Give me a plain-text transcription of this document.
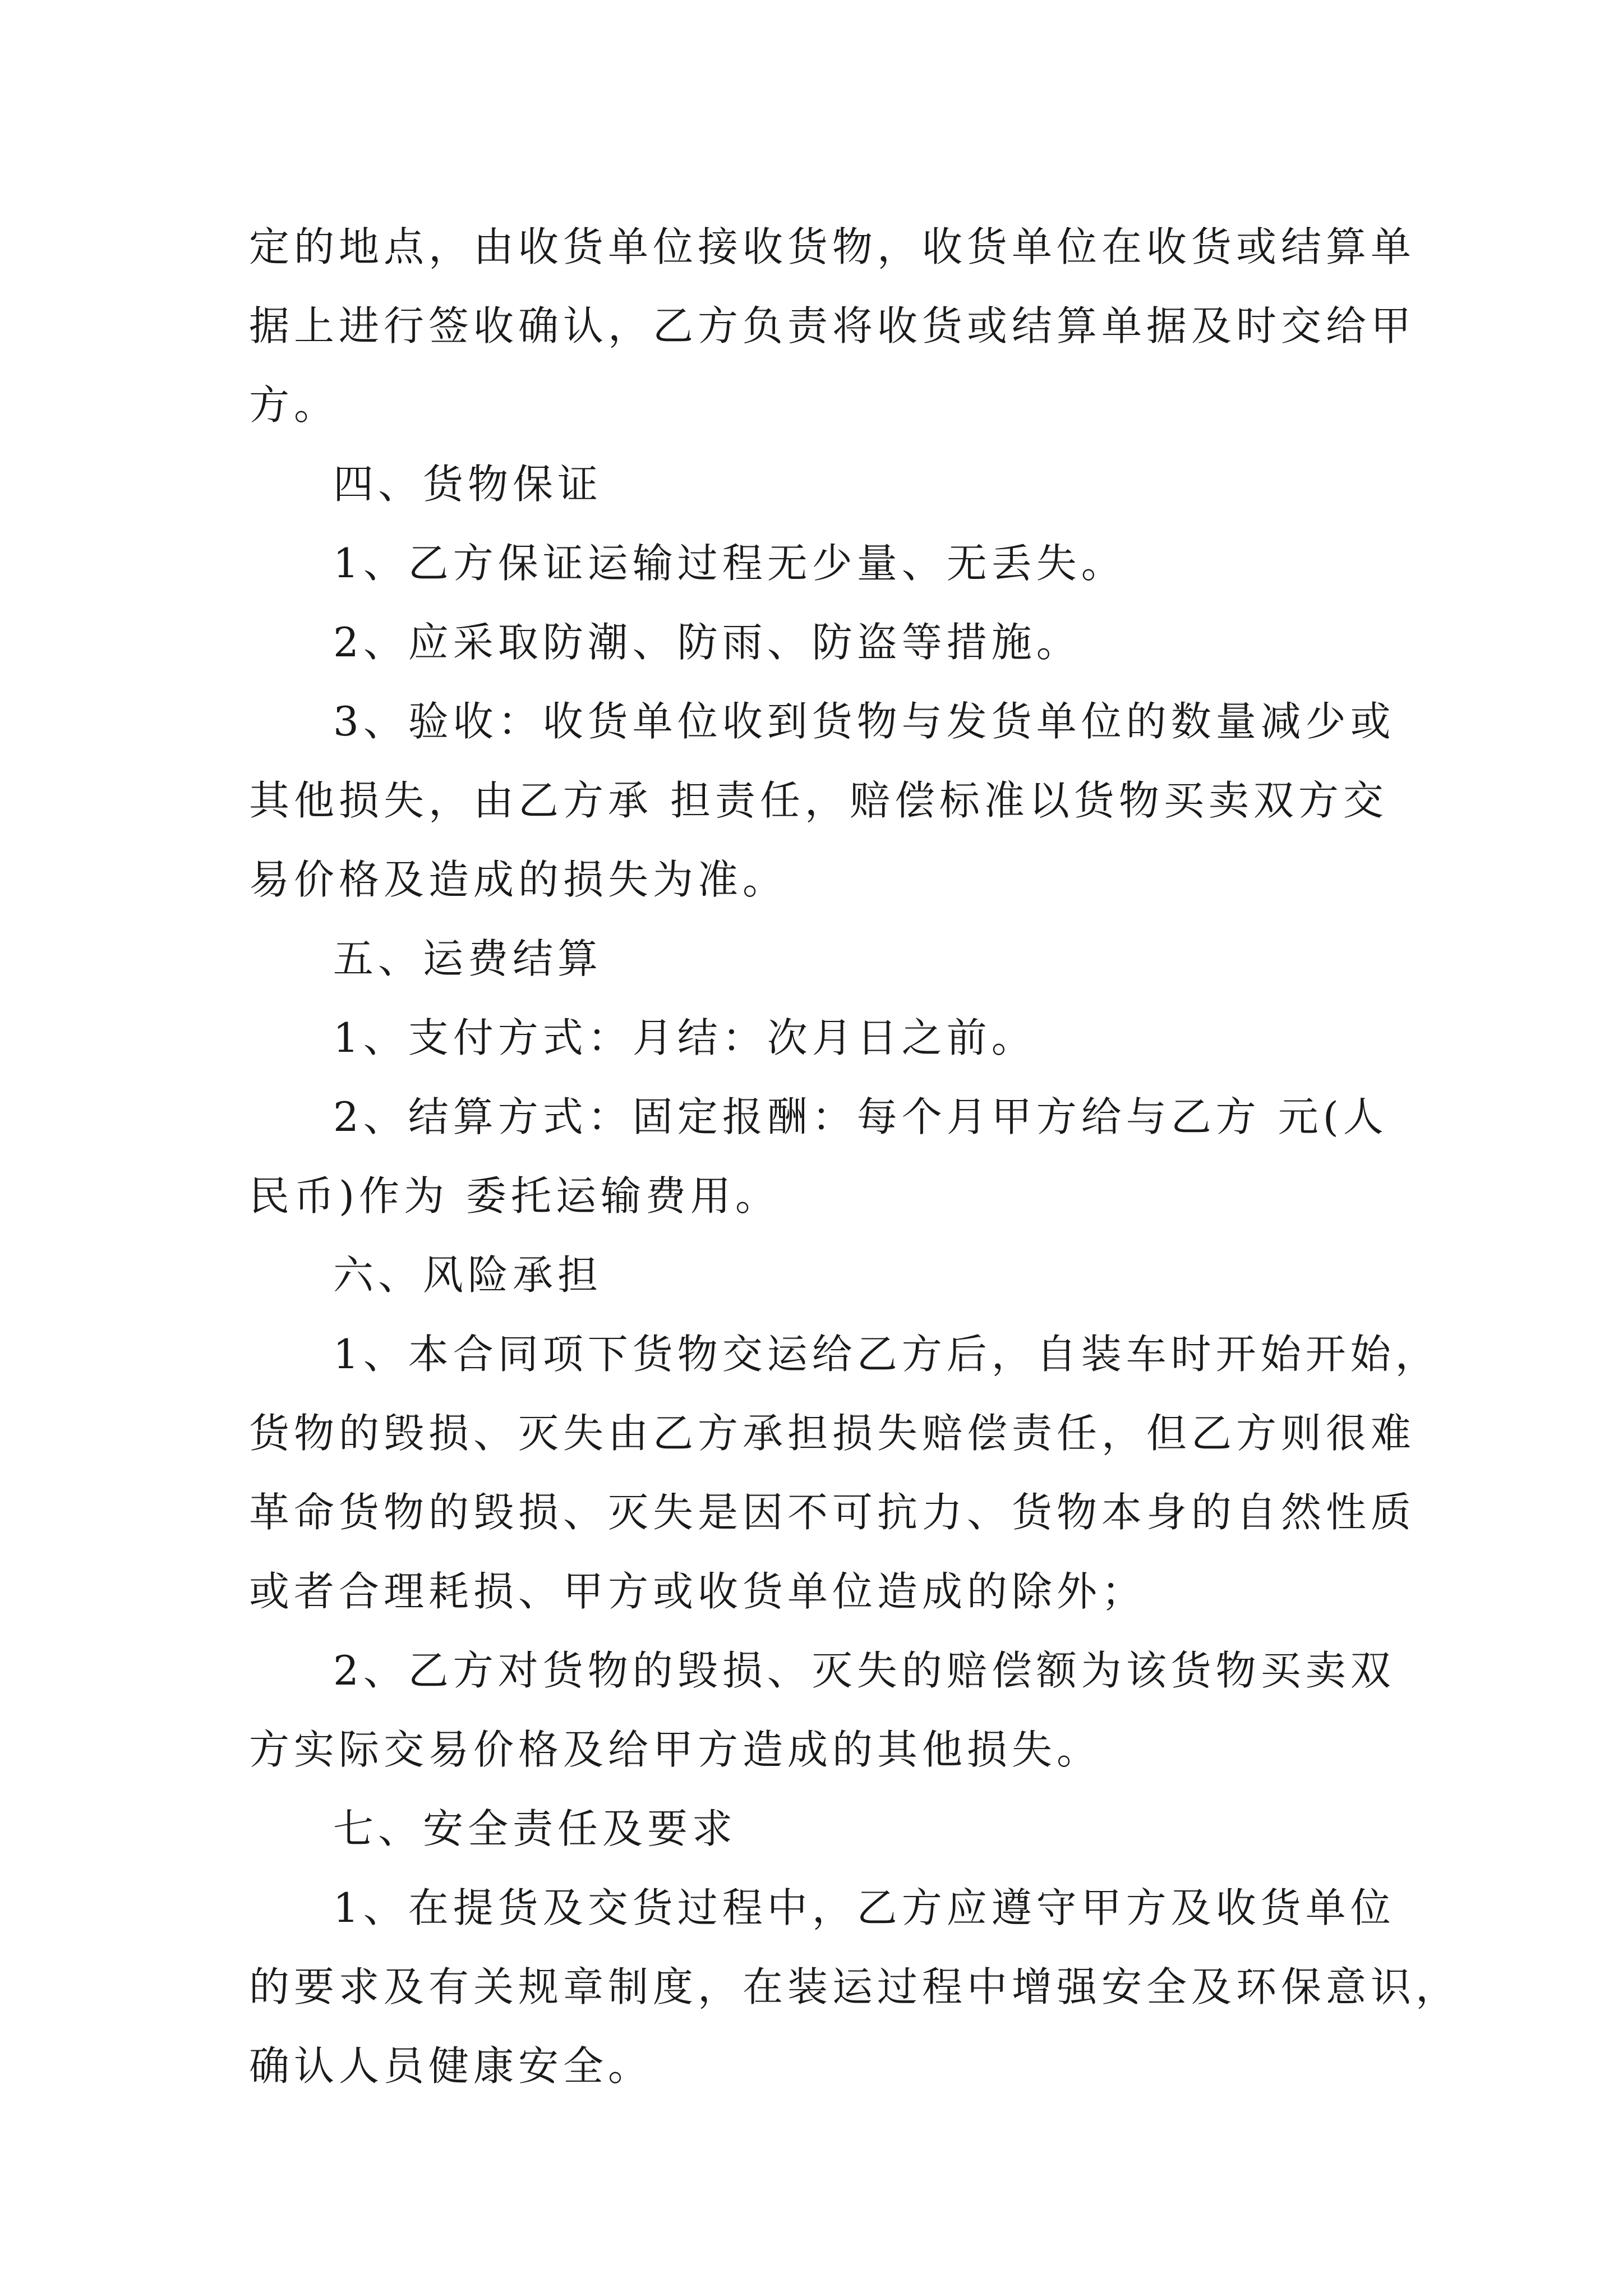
定的地点，由收货单位接收货物，收货单位在收货或结算单

据上进行签收确认，乙方负责将收货或结算单据及时交给甲

方。

四、货物保证

1、乙方保证运输过程无少量、无丢失。

2、应采取防潮、防雨、防盗等措施。

3、验收：收货单位收到货物与发货单位的数量减少或

其他损失，由乙方承 担责任，赔偿标准以货物买卖双方交

易价格及造成的损失为准。

五、运费结算

1、支付方式：月结：次月日之前。

2、结算方式：固定报酬：每个月甲方给与乙方 元(人

民币)作为 委托运输费用。

六、风险承担

1、本合同项下货物交运给乙方后，自装车时开始开始，

货物的毁损、灭失由乙方承担损失赔偿责任，但乙方则很难

革命货物的毁损、灭失是因不可抗力、货物本身的自然性质

或者合理耗损、甲方或收货单位造成的除外；

2、乙方对货物的毁损、灭失的赔偿额为该货物买卖双

方实际交易价格及给甲方造成的其他损失。

七、安全责任及要求

1、在提货及交货过程中，乙方应遵守甲方及收货单位

的要求及有关规章制度，在装运过程中增强安全及环保意识，

确认人员健康安全。
